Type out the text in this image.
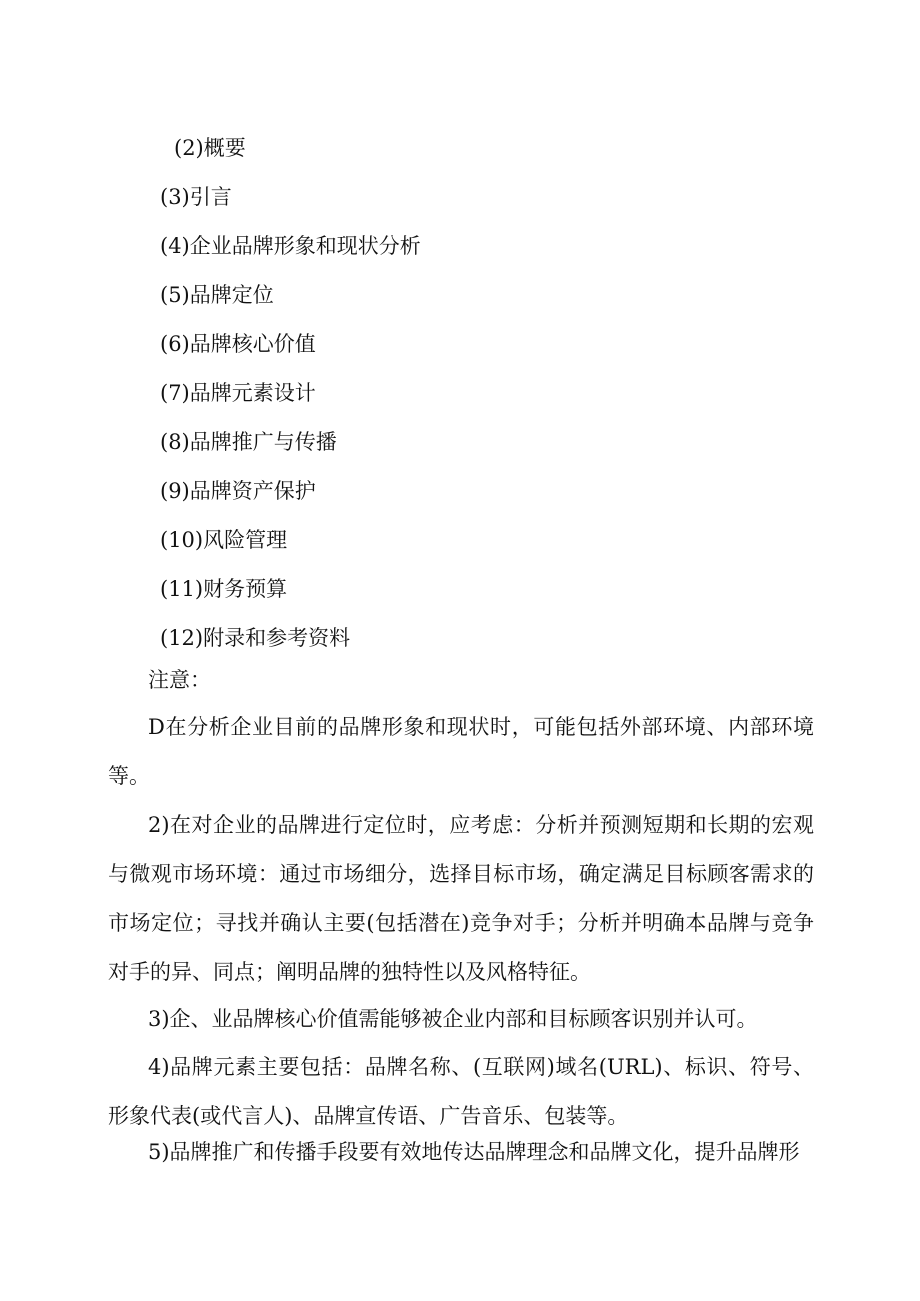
(2)概要
(3)引言
(4)企业品牌形象和现状分析
(5)品牌定位
(6)品牌核心价值
(7)品牌元素设计
(8)品牌推广与传播
(9)品牌资产保护
(10)风险管理
(11)财务预算
(12)附录和参考资料
注意：

D在分析企业目前的品牌形象和现状时，可能包括外部环境、内部环境等。

2)在对企业的品牌进行定位时，应考虑：分析并预测短期和长期的宏观与微观市场环境：通过市场细分，选择目标市场，确定满足目标顾客需求的市场定位；寻找并确认主要(包括潜在)竞争对手；分析并明确本品牌与竞争对手的异、同点；阐明品牌的独特性以及风格特征。

3)企、业品牌核心价值需能够被企业内部和目标顾客识别并认可。

4)品牌元素主要包括：品牌名称、(互联网)域名(URL)、标识、符号、形象代表(或代言人)、品牌宣传语、广告音乐、包装等。

5)品牌推广和传播手段要有效地传达品牌理念和品牌文化，提升品牌形
